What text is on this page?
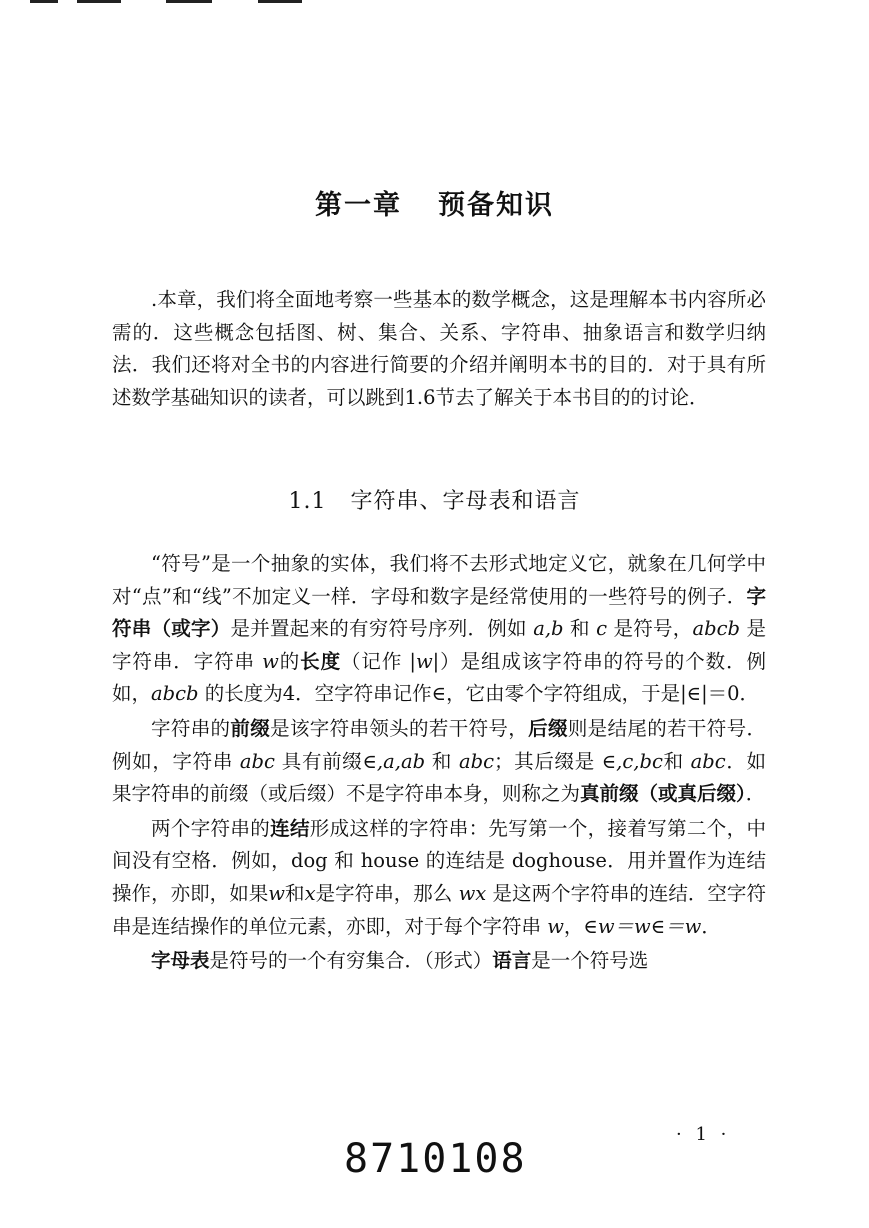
第一章 预备知识

.本章，我们将全面地考察一些基本的数学概念，这是理解本书内容所必需的．这些概念包括图、树、集合、关系、字符串、抽象语言和数学归纳法．我们还将对全书的内容进行简要的介绍并阐明本书的目的．对于具有所述数学基础知识的读者，可以跳到1.6节去了解关于本书目的的讨论．

1.1 字符串、字母表和语言

“符号”是一个抽象的实体，我们将不去形式地定义它，就象在几何学中对“点”和“线”不加定义一样．字母和数字是经常使用的一些符号的例子．字符串（或字）是并置起来的有穷符号序列．例如 a,b 和 c 是符号，abcb 是字符串．字符串 w的长度（记作 |w|）是组成该字符串的符号的个数．例如，abcb 的长度为4．空字符串记作∈，它由零个字符组成，于是|∈|＝0．

字符串的前缀是该字符串领头的若干符号，后缀则是结尾的若干符号．例如，字符串 abc 具有前缀∈,a,ab 和 abc；其后缀是 ∈,c,bc和 abc．如果字符串的前缀（或后缀）不是字符串本身，则称之为真前缀（或真后缀）．

两个字符串的连结形成这样的字符串：先写第一个，接着写第二个，中间没有空格．例如，dog 和 house 的连结是 doghouse．用并置作为连结操作，亦即，如果w和x是字符串，那么 wx 是这两个字符串的连结．空字符串是连结操作的单位元素，亦即，对于每个字符串 w，∈w＝w∈＝w．

字母表是符号的一个有穷集合．（形式）语言是一个符号选

· 1 ·
8710108
